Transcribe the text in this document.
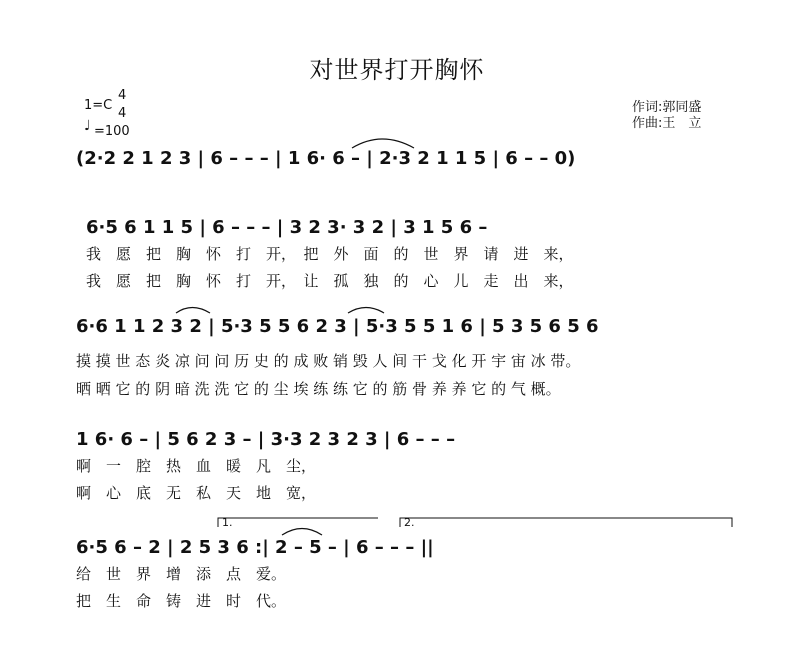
对世界打开胸怀
1=C
4
4
♩ =100
作词:郭同盛
作曲:王　立
(2·2 2 1 2 3 | 6 – – – | 1 6· 6 – | 2·3 2 1 1 5 | 6 – – 0)
6·5 6 1 1 5 | 6 – – – | 3 2 3· 3 2 | 3 1 5 6 –
我　愿　把　胸　怀　打　开，　把　外　面　的　世　界　请　进　来，
我　愿　把　胸　怀　打　开，　让　孤　独　的　心　儿　走　出　来，
6·6 1 1 2 3 2 | 5·3 5 5 6 2 3 | 5·3 5 5 1 6 | 5 3 5 6 5 6
摸 摸 世 态 炎 凉 问 问 历 史 的 成 败 销 毁 人 间 干 戈 化 开 宇 宙 冰 带。
晒 晒 它 的 阴 暗 洗 洗 它 的 尘 埃 练 练 它 的 筋 骨 养 养 它 的 气 概。
1 6· 6 – | 5 6 2 3 – | 3·3 2 3 2 3 | 6 – – –
啊　一　腔　热　血　暖　凡　尘，
啊　心　底　无　私　天　地　宽，
6·5 6 – 2 | 2 5 3 6 :| 2 – 5 – | 6 – – – ||
1.	2.
给　世　界　增　添　点　爱。
把　生　命　铸　进　时　代。
